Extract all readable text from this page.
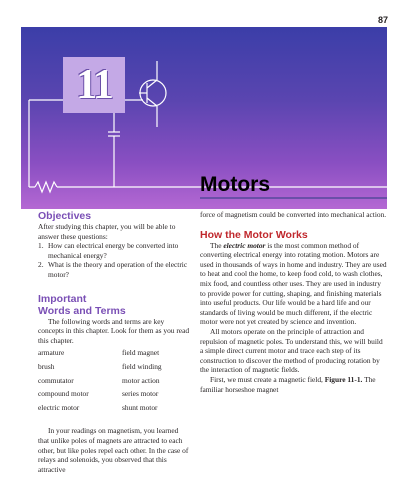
87
11
Motors
Objectives

After studying this chapter, you will be able to answer these questions:

1. How can electrical energy be converted into mechanical energy?
2. What is the theory and operation of the electric motor?
Important
Words and Terms

The following words and terms are key concepts in this chapter. Look for them as you read this chapter.

armature	field magnet
brush	field winding
commutator	motor action
compound motor	series motor
electric motor	shunt motor

In your readings on magnetism, you learned that unlike poles of magnets are attracted to each other, but like poles repel each other. In the case of relays and solenoids, you observed that this attractive

force of magnetism could be converted into mechanical action.

How the Motor Works

The electric motor is the most common method of converting electrical energy into rotating motion. Motors are used in thousands of ways in home and industry. They are used to heat and cool the home, to keep food cold, to wash clothes, mix food, and countless other uses. They are used in industry to provide power for cutting, shaping, and finishing materials into useful products. Our life would be a hard life and our standards of living would be much different, if the electric motor were not yet created by science and invention.

All motors operate on the principle of attraction and repulsion of magnetic poles. To understand this, we will build a simple direct current motor and trace each step of its construction to discover the method of producing rotation by the interaction of magnetic fields.

First, we must create a magnetic field, Figure 11-1. The familiar horseshoe magnet
